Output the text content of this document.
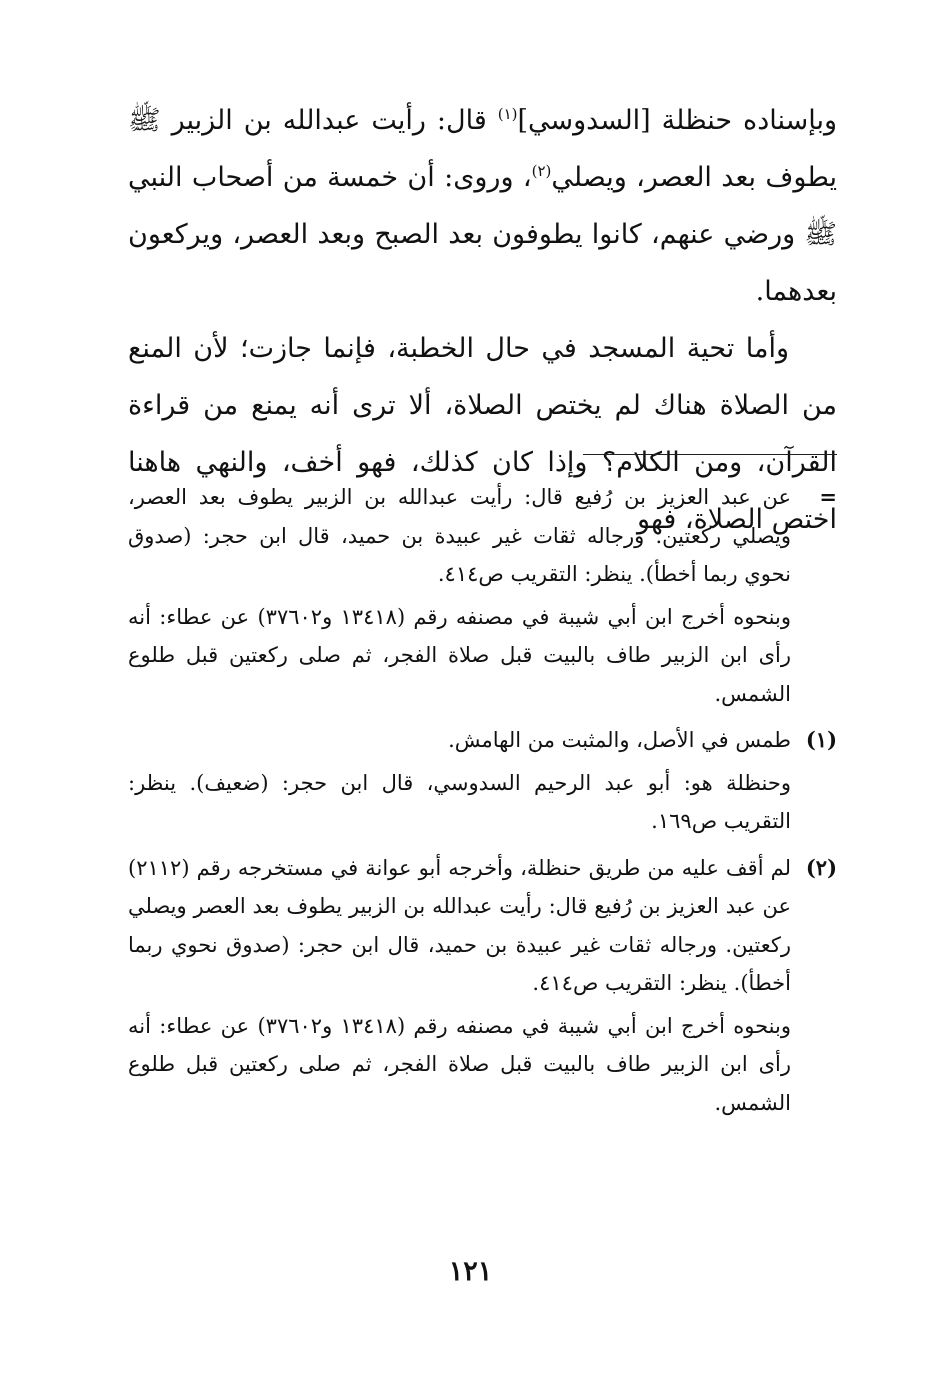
وبإسناده حنظلة [السدوسي]$^{(١)}$ قال: رأيت عبدالله بن الزبير ﷺ يطوف بعد العصر، ويصلي$^{(٢)}$، وروى: أن خمسة من أصحاب النبي ﷺ ورضي عنهم، كانوا يطوفون بعد الصبح وبعد العصر، ويركعون بعدهما.

وأما تحية المسجد في حال الخطبة، فإنما جازت؛ لأن المنع من الصلاة هناك لم يختص الصلاة، ألا ترى أنه يمنع من قراءة القرآن، ومن الكلام؟ وإذا كان كذلك، فهو أخف، والنهي هاهنا اختص الصلاة، فهو

=

عن عبد العزيز بن رُفيع قال: رأيت عبدالله بن الزبير يطوف بعد العصر، ويصلي ركعتين. ورجاله ثقات غير عبيدة بن حميد، قال ابن حجر: (صدوق نحوي ربما أخطأ). ينظر: التقريب ص٤١٤.

وبنحوه أخرج ابن أبي شيبة في مصنفه رقم (١٣٤١٨ و٣٧٦٠٢) عن عطاء: أنه رأى ابن الزبير طاف بالبيت قبل صلاة الفجر، ثم صلى ركعتين قبل طلوع الشمس.

(١)

طمس في الأصل، والمثبت من الهامش.

وحنظلة هو: أبو عبد الرحيم السدوسي، قال ابن حجر: (ضعيف). ينظر: التقريب ص١٦٩.

(٢)

لم أقف عليه من طريق حنظلة، وأخرجه أبو عوانة في مستخرجه رقم (٢١١٢) عن عبد العزيز بن رُفيع قال: رأيت عبدالله بن الزبير يطوف بعد العصر ويصلي ركعتين. ورجاله ثقات غير عبيدة بن حميد، قال ابن حجر: (صدوق نحوي ربما أخطأ). ينظر: التقريب ص٤١٤.

وبنحوه أخرج ابن أبي شيبة في مصنفه رقم (١٣٤١٨ و٣٧٦٠٢) عن عطاء: أنه رأى ابن الزبير طاف بالبيت قبل صلاة الفجر، ثم صلى ركعتين قبل طلوع الشمس.

١٢١
